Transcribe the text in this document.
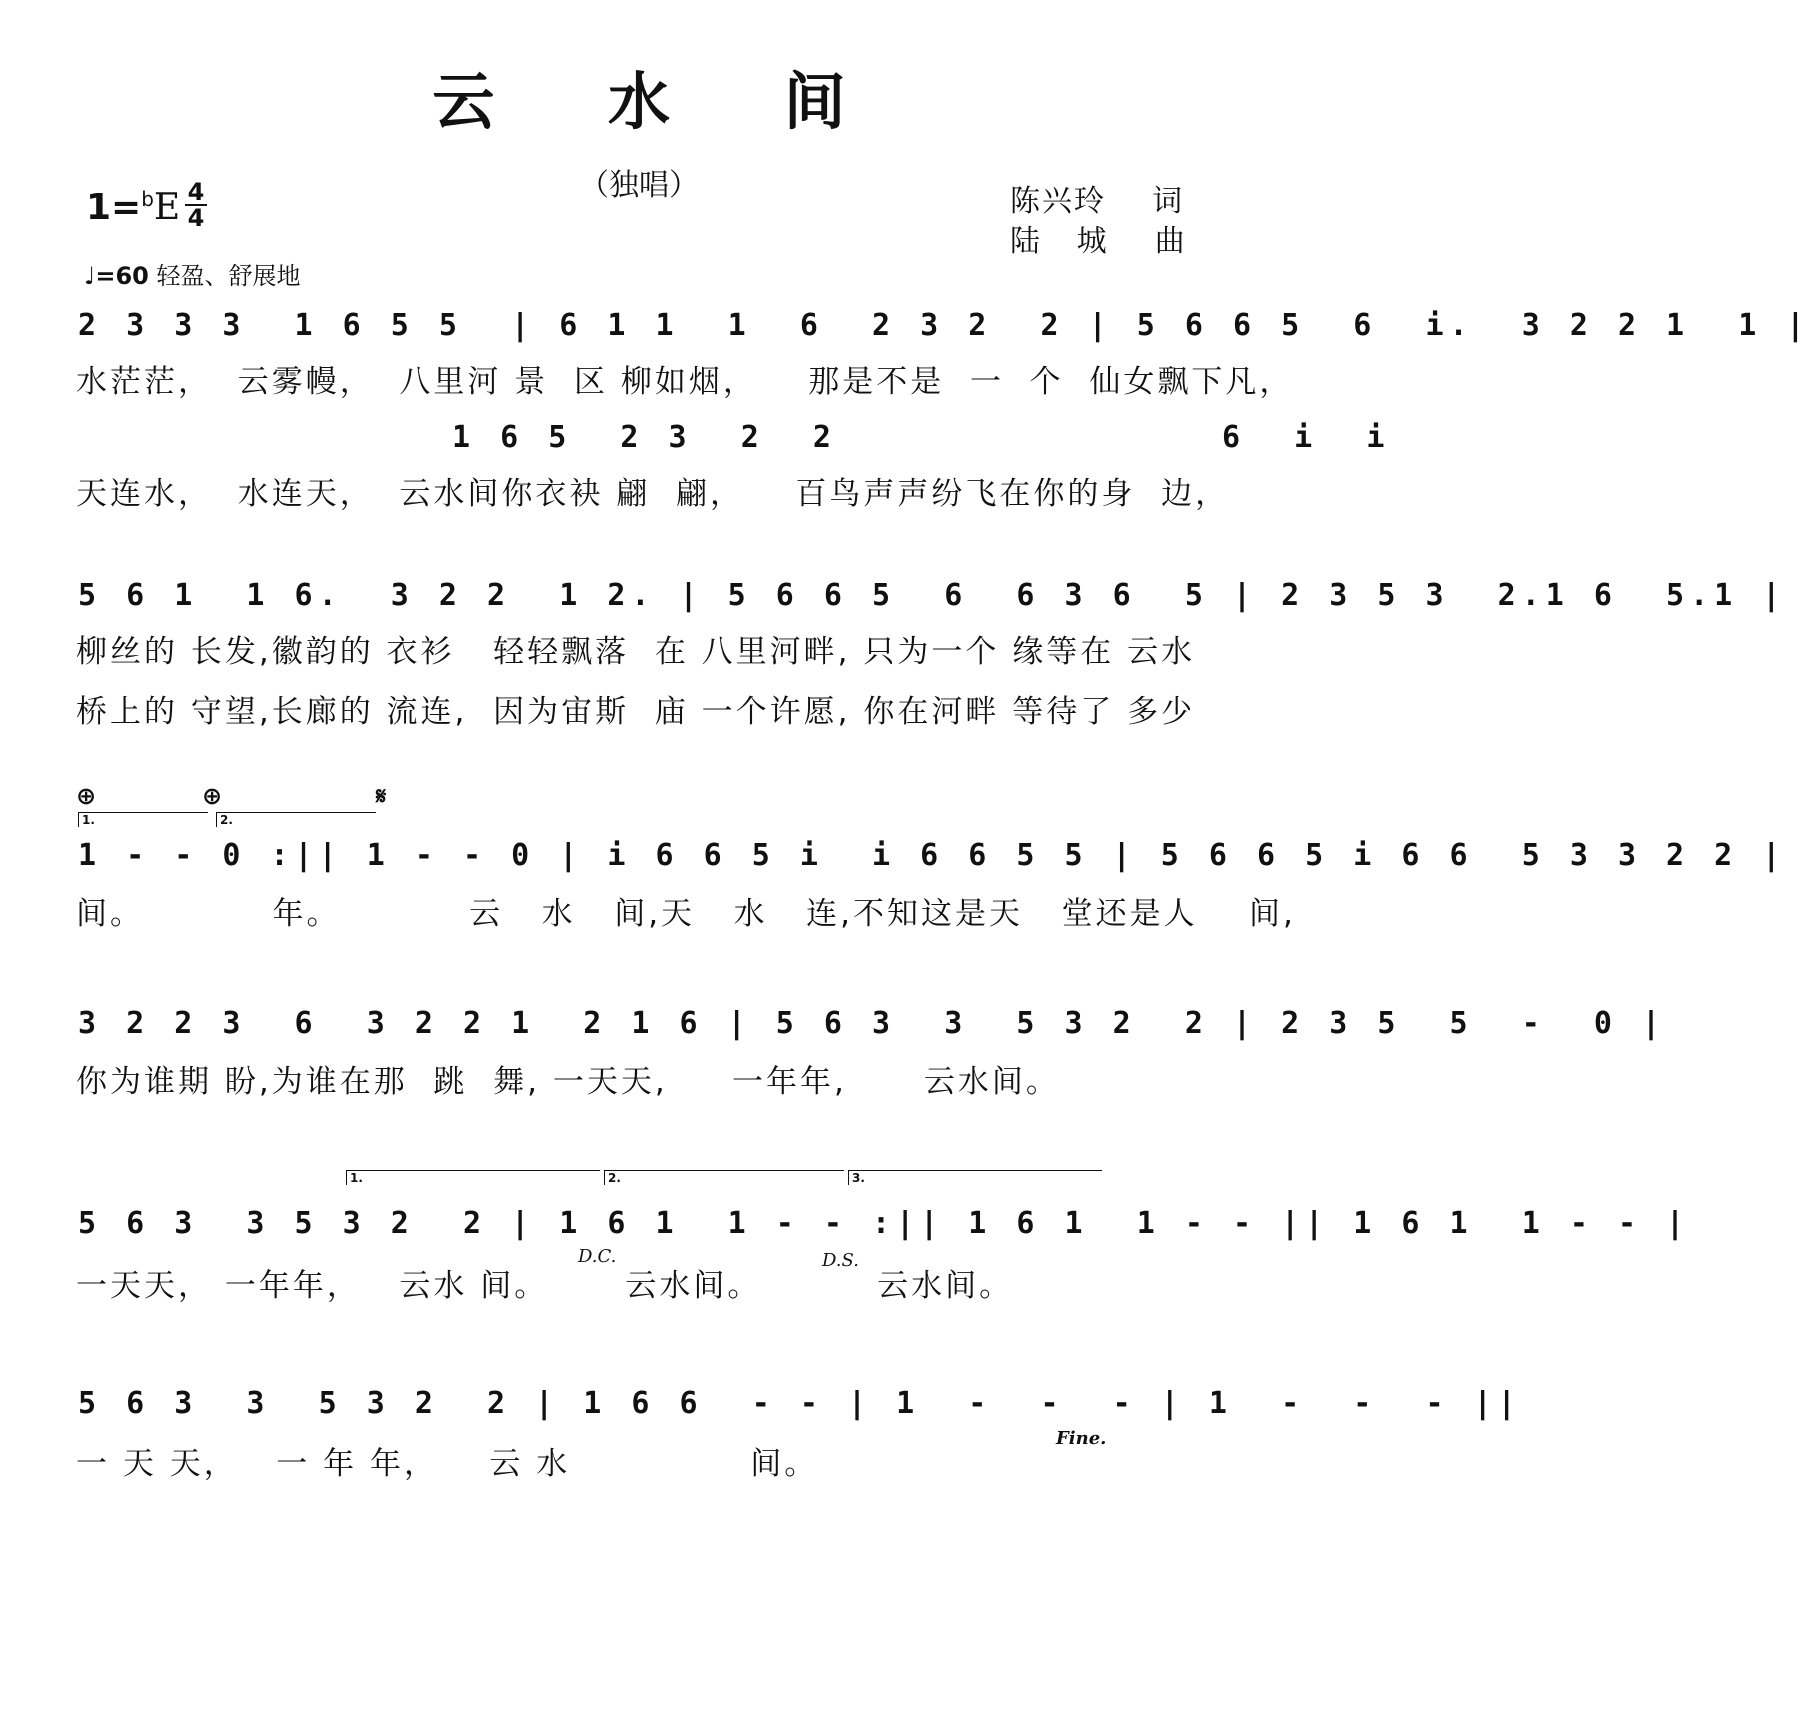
云 水 间
（独唱）
1=$^b$E 4
4
♩=60 轻盈、舒展地
陈兴玲    词
陆   城    曲
2 3 3 3  1 6 5 5  | 6 1 1  1  6  2 3 2  2 | 5 6 6 5  6  i.  3 2 2 1  1 |
水茫茫，  云雾幔，  八里河 景  区 柳如烟，    那是不是  一  个  仙女飘下凡，
1 6 5  2 3  2  2                6  i  i
天连水，  水连天，  云水间你衣袂 翩  翩，    百鸟声声纷飞在你的身  边，
5 6 1  1 6.  3 2 2  1 2. | 5 6 6 5  6  6 3 6  5 | 2 3 5 3  2.1 6  5.1 |
柳丝的 长发,徽韵的 衣衫   轻轻飘落  在 八里河畔, 只为一个 缘等在 云水
桥上的 守望,长廊的 流连,  因为宙斯  庙 一个许愿, 你在河畔 等待了 多少
⊕	⊕	𝄋
1.	2.
1 - - 0 :|| 1 - - 0 | i 6 6 5 i  i 6 6 5 5 | 5 6 6 5 i 6 6  5 3 3 2 2 |
间。          年。          云   水   间,天   水   连,不知这是天   堂还是人    间,
3 2 2 3  6  3 2 2 1  2 1 6 | 5 6 3  3  5 3 2  2 | 2 3 5  5  -  0 |
你为谁期 盼,为谁在那  跳  舞, 一天天,     一年年,      云水间。
1.	2.	3.
5 6 3  3 5 3 2  2 | 1 6 1  1 - - :|| 1 6 1  1 - - || 1 6 1  1 - - |
D.C.	D.S.
一天天， 一年年，   云水 间。      云水间。         云水间。
5 6 3  3  5 3 2  2 | 1 6 6  - - | 1  -  -  - | 1  -  -  - ||
Fine.
一 天 天，   一 年 年，    云 水              间。
